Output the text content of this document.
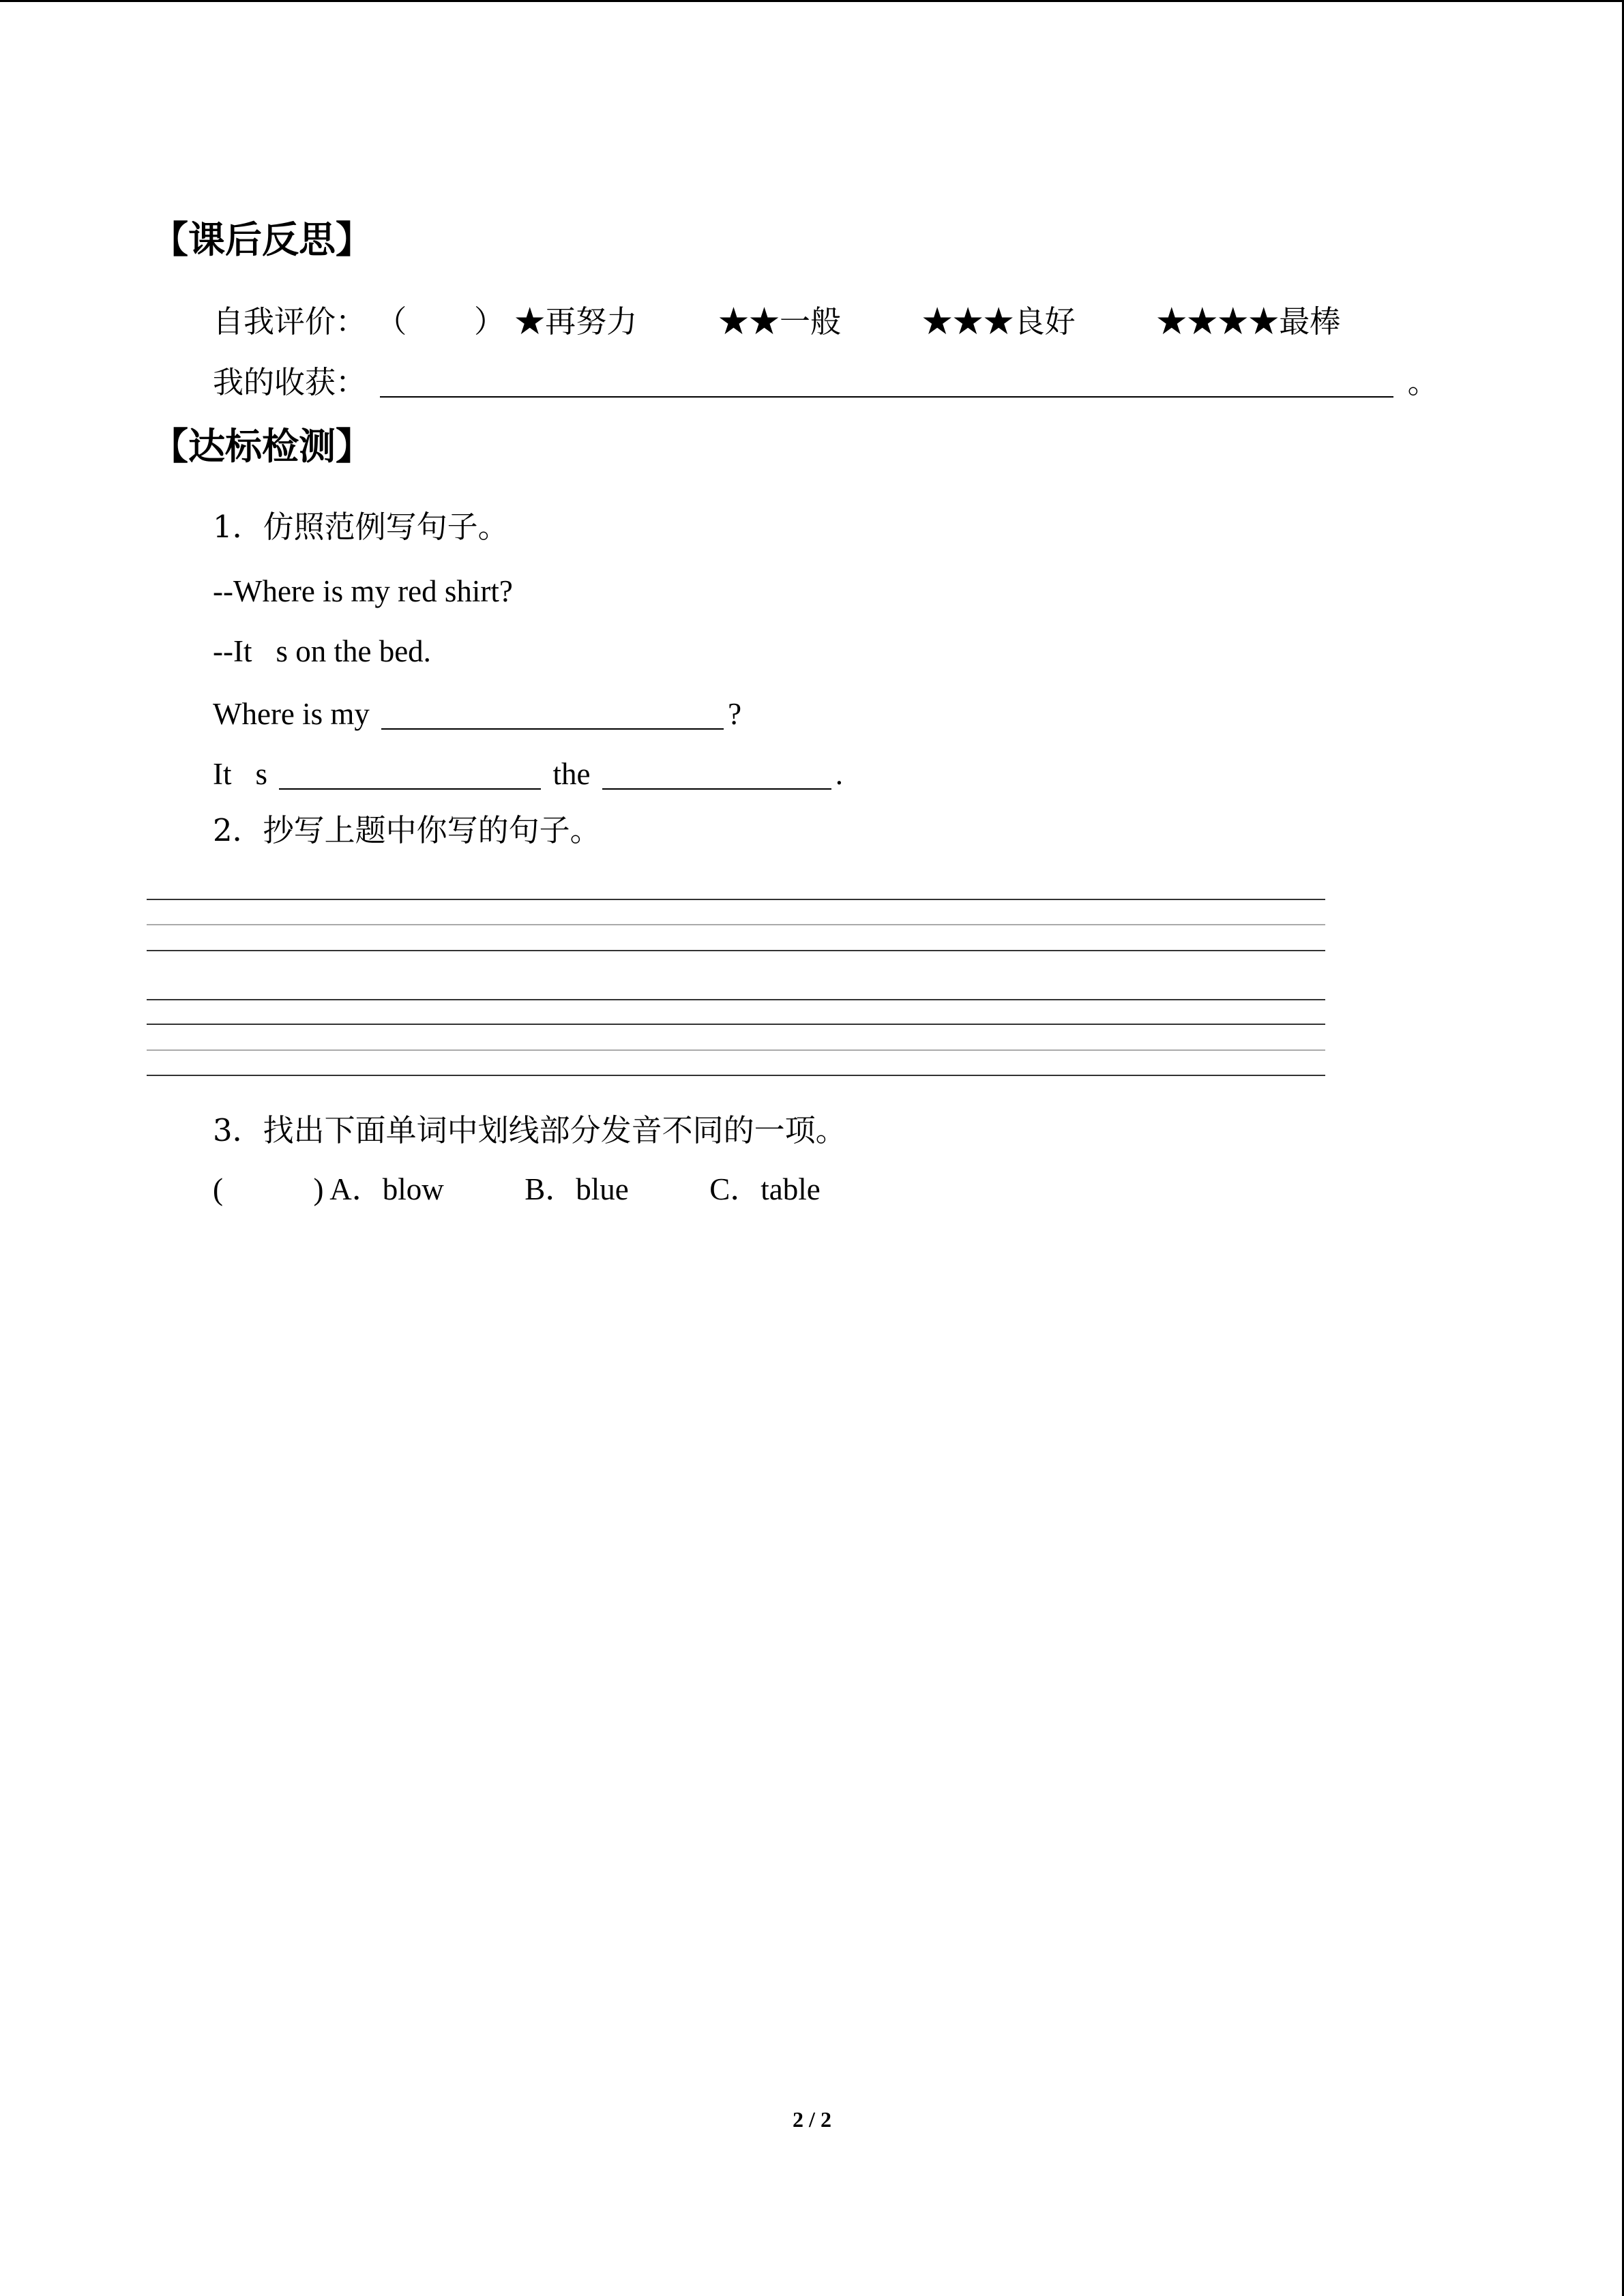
【课后反思】
自我评价： （ ） ★再努力	★★一般	★★★良好	★★★★最棒
我的收获：	。
【达标检测】
1．仿照范例写句子。
--Where is my red shirt?
--It s on the bed.
Where is my	?
It s	the	.
2．抄写上题中你写的句子。
3．找出下面单词中划线部分发音不同的一项。
(	) A．blow	B．blue	C．table
2 / 2
